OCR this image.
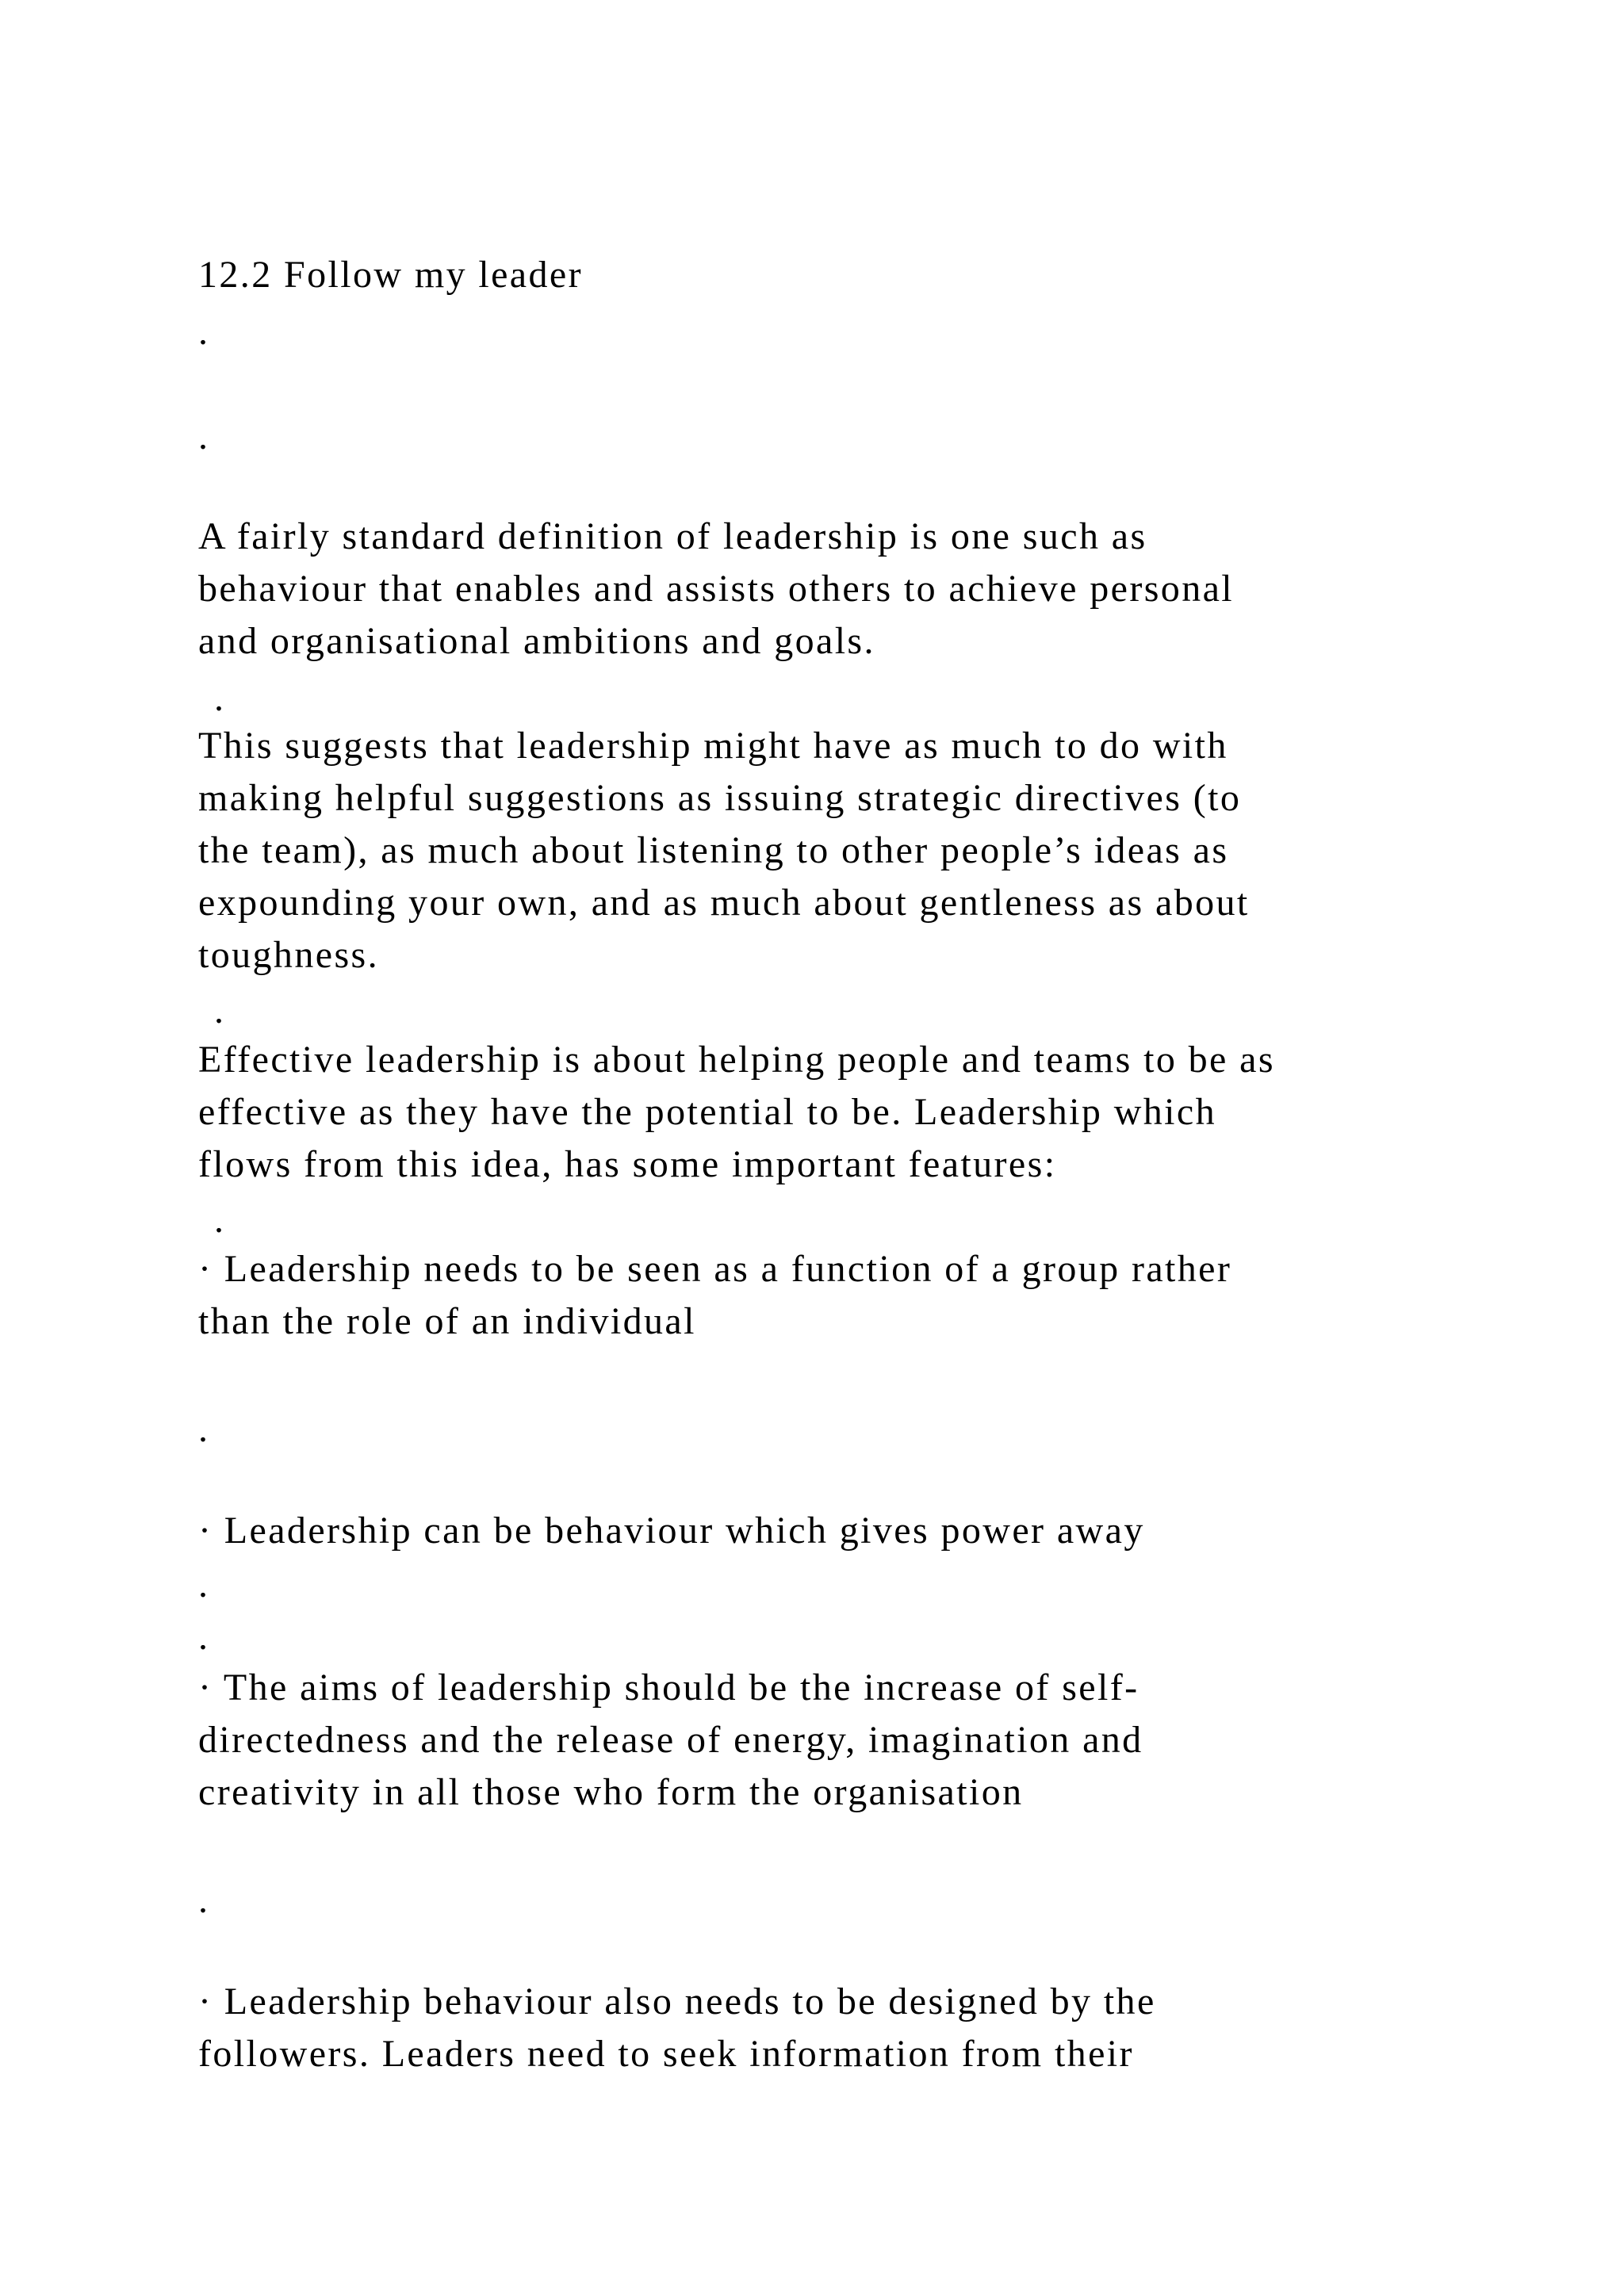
12.2 Follow my leader

.

.

A fairly standard definition of leadership is one such as

behaviour that enables and assists others to achieve personal

and organisational ambitions and goals.

.

This suggests that leadership might have as much to do with

making helpful suggestions as issuing strategic directives (to

the team), as much about listening to other people’s ideas as

expounding your own, and as much about gentleness as about

toughness.

.

Effective leadership is about helping people and teams to be as

effective as they have the potential to be. Leadership which

flows from this idea, has some important features:

.

· Leadership needs to be seen as a function of a group rather

than the role of an individual

.

· Leadership can be behaviour which gives power away

.

.

· The aims of leadership should be the increase of self-

directedness and the release of energy, imagination and

creativity in all those who form the organisation

.

· Leadership behaviour also needs to be designed by the

followers. Leaders need to seek information from their
